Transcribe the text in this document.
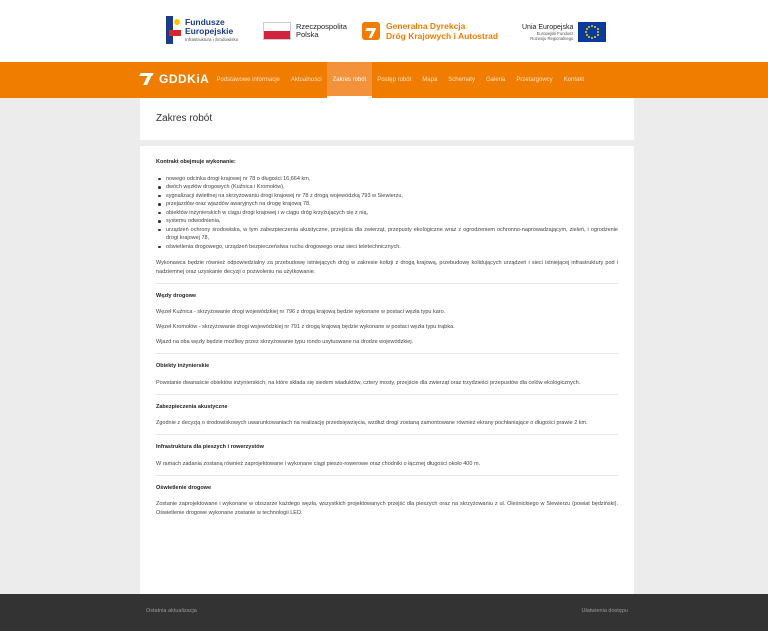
Fundusze
Europejskie
Infrastruktura i Środowisko
Rzeczpospolita
Polska
Generalna Dyrekcja
Dróg Krajowych i Autostrad
Unia Europejska
Europejski Fundusz
Rozwoju Regionalnego
GDDKiA	Podstawowe informacje	Aktualności	Zakres robót	Postęp robót	Mapa	Schematy	Galeria	Przetargowcy	Kontakt
Zakres robót
Kontrakt obejmuje wykonanie:
nowego odcinka drogi krajowej nr 78 o długości 16,664 km,
dwóch węzłów drogowych (Kuźnica i Kromołów),
sygnalizacji świetlnej na skrzyżowaniu drogi krajowej nr 78 z drogą wojewódzką 793 w Siewierzu,
przejazdów oraz wjazdów awaryjnych na drogę krajową 78,
obiektów inżynierskich w ciągu drogi krajowej i w ciągu dróg krzyżujących się z nią,
systemu odwodnienia,
urządzeń ochrony środowiska, w tym zabezpieczenia akustyczne, przejścia dla zwierząt, przepusty ekologiczne wraz z ogrodzeniem ochronno-naprowadzającym, zieleń, i ogrodzenie drogi krajowej 78,
oświetlenia drogowego, urządzeń bezpieczeństwa ruchu drogowego oraz sieci teletechnicznych.

Wykonawca będzie również odpowiedzialny za przebudowę istniejących dróg w zakresie kolizji z drogą krajową, przebudowę kolidujących urządzeń i sieci istniejącej infrastruktury pod i nadziemnej oraz uzyskanie decyzji o pozwoleniu na użytkowanie.

Węzły drogowe

Węzeł Kuźnica - skrzyżowanie drogi wojewódzkiej nr 796 z drogą krajową będzie wykonane w postaci węzła typu karo.

Węzeł Kromołów - skrzyżowanie drogi wojewódzkiej nr 791 z drogą krajową będzie wykonane w postaci węzła typu trąbka.

Wjazd na oba węzły będzie możliwy przez skrzyżowanie typu rondo usytuowane na drodze wojewódzkiej.

Obiekty inżynierskie

Powstanie dwanaście obiektów inżynierskich, na które składa się siedem wiaduktów, cztery mosty, przejście dla zwierząt oraz trzydzieści przepustów dla celów ekologicznych.

Zabezpieczenia akustyczne

Zgodnie z decyzją o środowiskowych uwarunkowaniach na realizację przedsięwzięcia, wzdłuż drogi zostaną zamontowane również ekrany pochłaniające o długości prawie 2 km.

Infrastruktura dla pieszych i rowerzystów

W ramach zadania zostaną również zaprojektowane i wykonane ciągi pieszo-rowerowe oraz chodniki o łącznej długości około 400 m.

Oświetlenie drogowe

Zostanie zaprojektowane i wykonane w obszarze każdego węzła, wszystkich projektowanych przejść dla pieszych oraz na skrzyżowaniu z ul. Oleśnickiego w Siewierzu (powiat będziński). Oświetlenie drogowe wykonane zostanie w technologii LED.

Ostatnia aktualizacja	Ułatwienia dostępu
